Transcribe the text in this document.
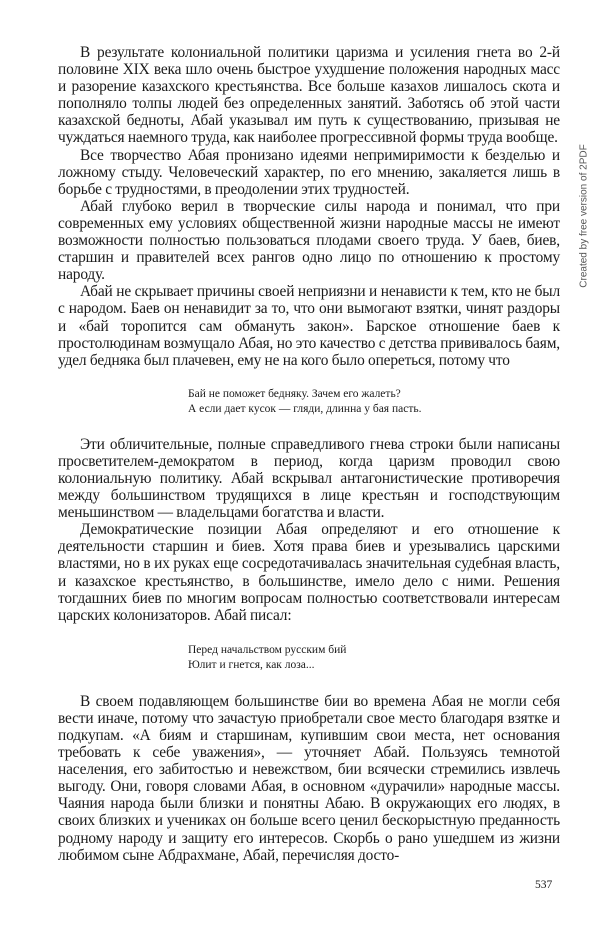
Created by free version of 2PDF

В результате колониальной политики царизма и усиления гнета во 2-й половине XIX века шло очень быстрое ухудшение положения народных масс и разорение казахского крестьянства. Все больше казахов лишалось скота и пополняло толпы людей без определенных занятий. Заботясь об этой части казахской бедноты, Абай указывал им путь к существованию, призывая не чуждаться наемного труда, как наиболее прогрессивной формы труда вообще.

Все творчество Абая пронизано идеями непримиримости к безделью и ложному стыду. Человеческий характер, по его мнению, закаляется лишь в борьбе с трудностями, в преодолении этих трудностей.

Абай глубоко верил в творческие силы народа и понимал, что при современных ему условиях общественной жизни народные массы не имеют возможности полностью пользоваться плодами своего труда. У баев, биев, старшин и правителей всех рангов одно лицо по отношению к простому народу.

Абай не скрывает причины своей неприязни и ненависти к тем, кто не был с народом. Баев он ненавидит за то, что они вымогают взятки, чинят раздоры и «бай торопится сам обмануть закон». Барское отношение баев к простолюдинам возмущало Абая, но это качество с детства прививалось баям, удел бедняка был плачевен, ему не на кого было опереться, потому что

Бай не поможет бедняку. Зачем его жалеть?
А если дает кусок — гляди, длинна у бая пасть.

Эти обличительные, полные справедливого гнева строки были написаны просветителем-демократом в период, когда царизм проводил свою колониальную политику. Абай вскрывал антагонистические противоречия между большинством трудящихся в лице крестьян и господствующим меньшинством — владельцами богатства и власти.

Демократические позиции Абая определяют и его отношение к деятельности старшин и биев. Хотя права биев и урезывались царскими властями, но в их руках еще сосредотачивалась значительная судебная власть, и казахское крестьянство, в большинстве, имело дело с ними. Решения тогдашних биев по многим вопросам полностью соответствовали интересам царских колонизаторов. Абай писал:

Перед начальством русским бий
Юлит и гнется, как лоза...

В своем подавляющем большинстве бии во времена Абая не могли себя вести иначе, потому что зачастую приобретали свое место благодаря взятке и подкупам. «А биям и старшинам, купившим свои места, нет основания требовать к себе уважения», — уточняет Абай. Пользуясь темнотой населения, его забитостью и невежством, бии всячески стремились извлечь выгоду. Они, говоря словами Абая, в основном «дурачили» народные массы. Чаяния народа были близки и понятны Абаю. В окружающих его людях, в своих близких и учениках он больше всего ценил бескорыстную преданность родному народу и защиту его интересов. Скорбь о рано ушедшем из жизни любимом сыне Абдрахмане, Абай, перечисляя досто-

537
